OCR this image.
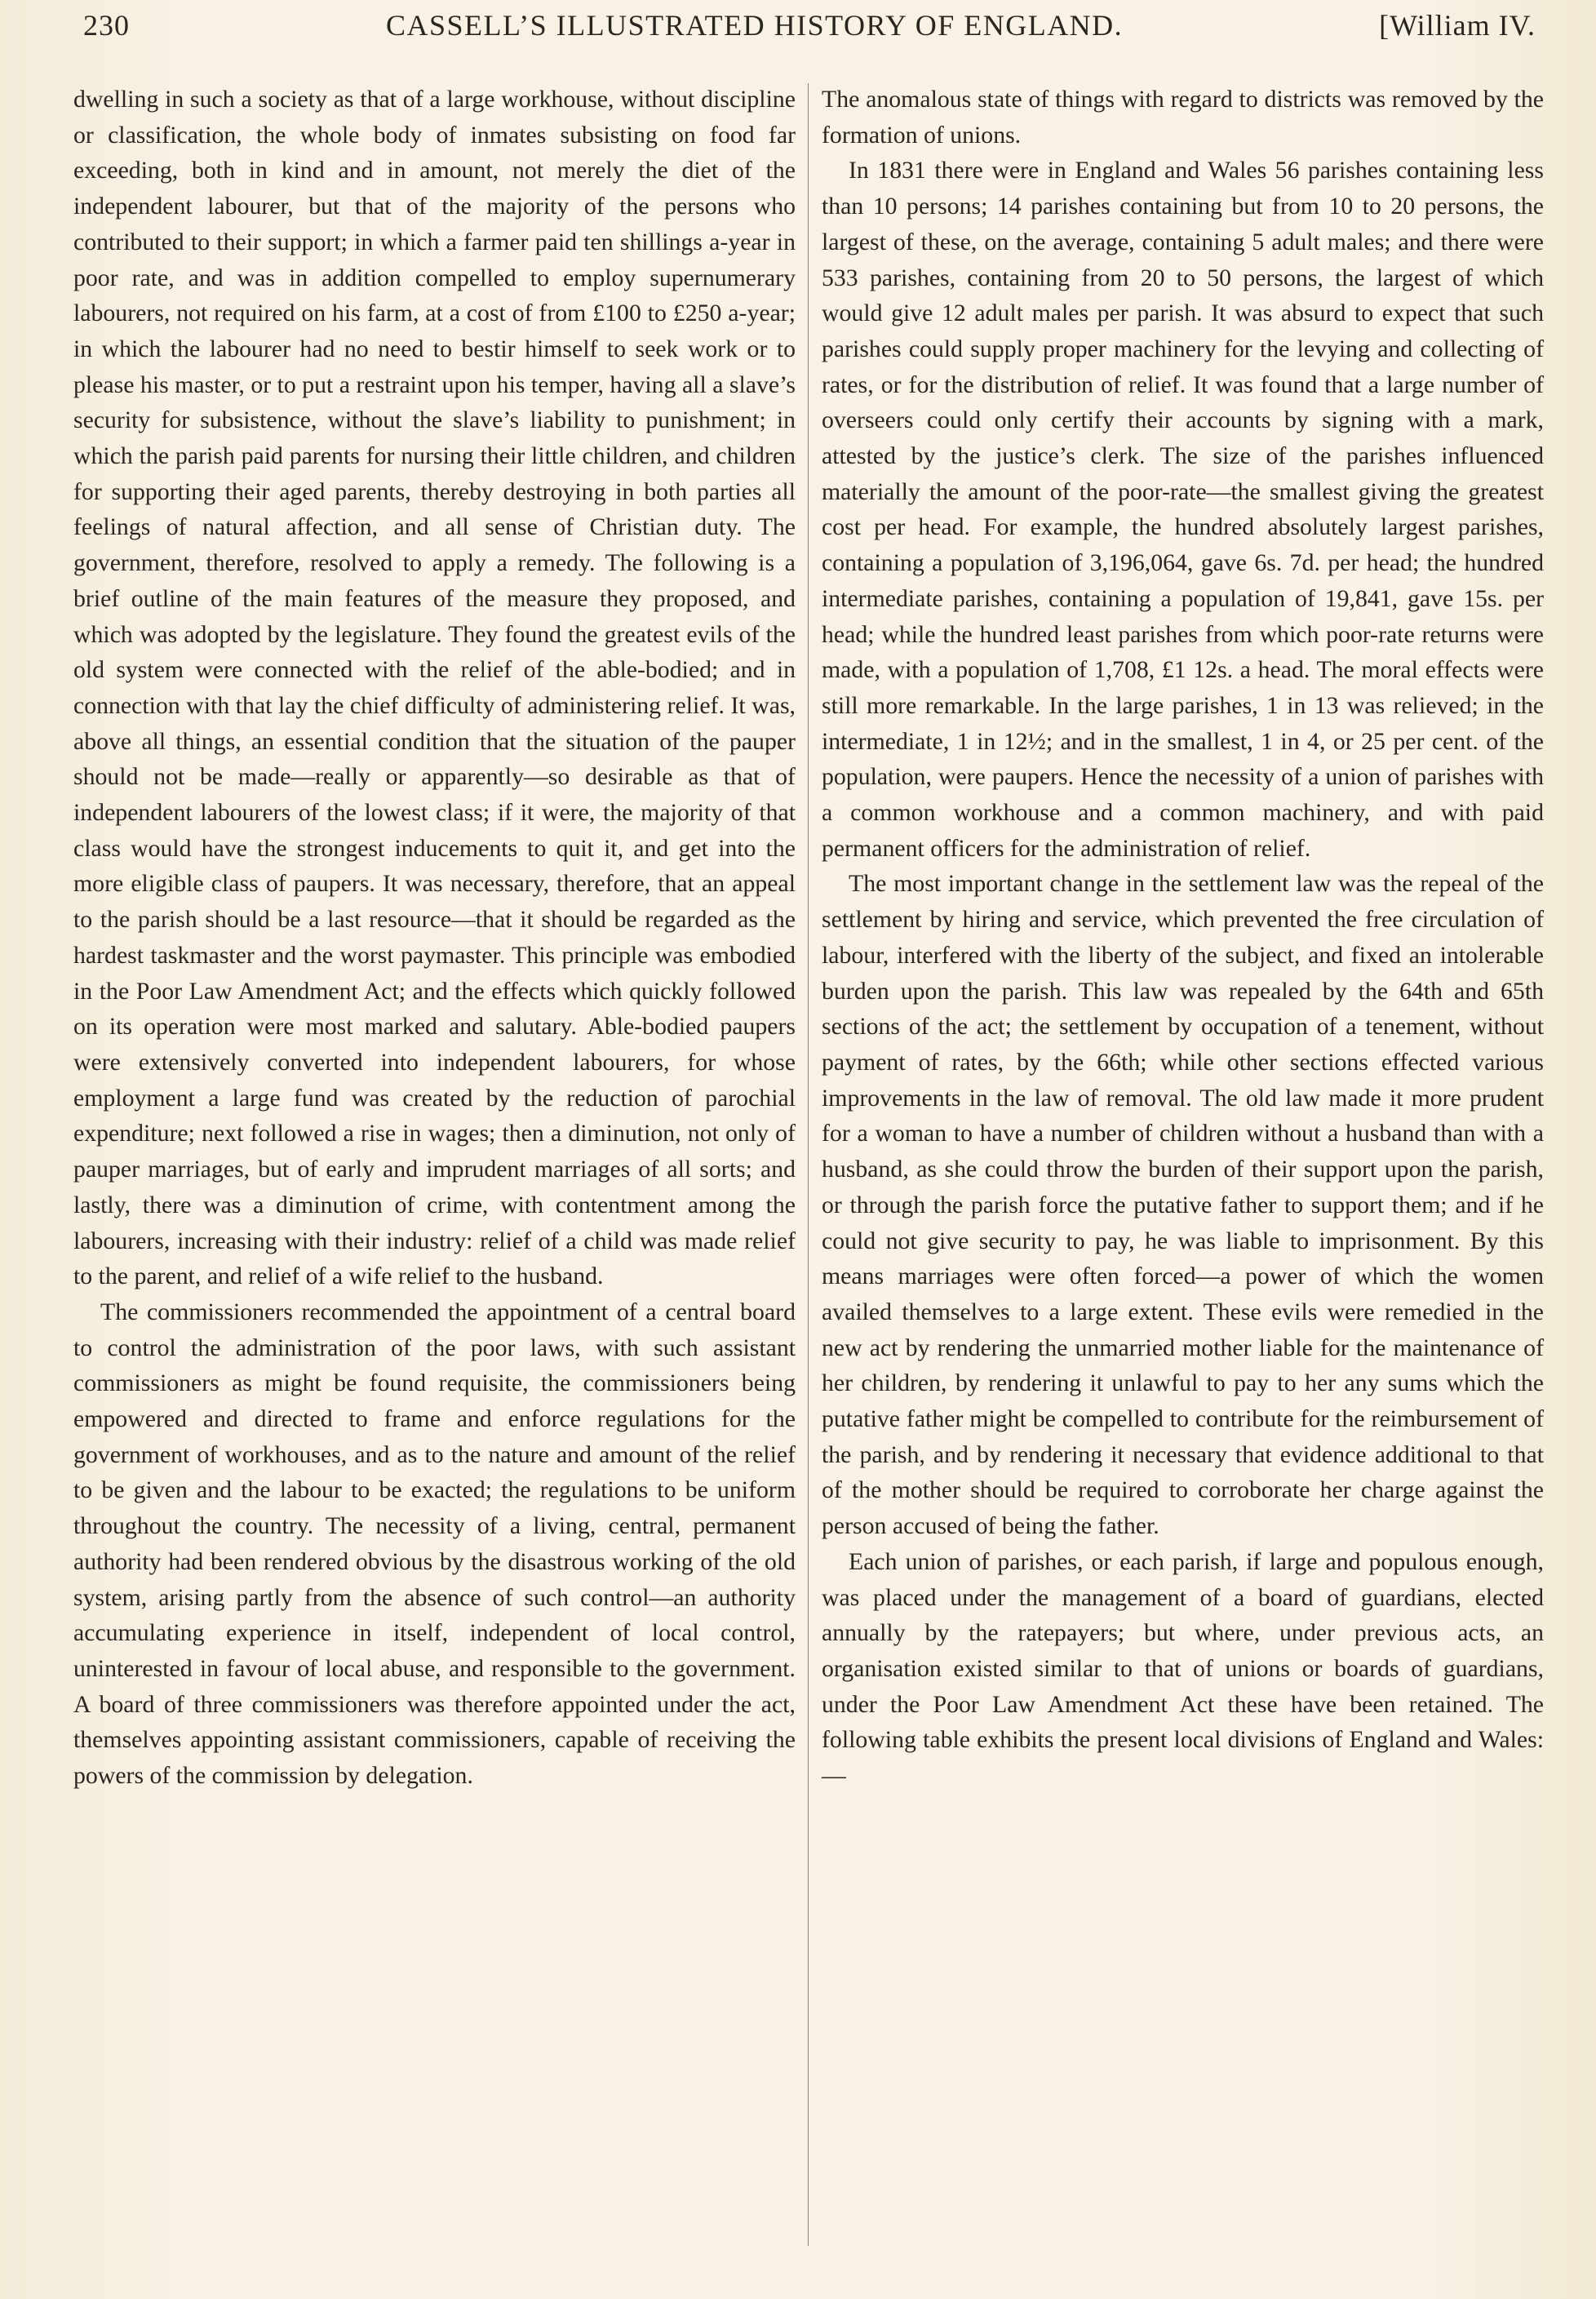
230	CASSELL’S ILLUSTRATED HISTORY OF ENGLAND.	[William IV.

dwelling in such a society as that of a large workhouse, without discipline or classification, the whole body of inmates subsisting on food far exceeding, both in kind and in amount, not merely the diet of the independent labourer, but that of the majority of the persons who contributed to their support; in which a farmer paid ten shillings a-year in poor rate, and was in addition compelled to employ supernumerary labourers, not required on his farm, at a cost of from £100 to £250 a-year; in which the labourer had no need to bestir himself to seek work or to please his master, or to put a restraint upon his temper, having all a slave’s security for subsistence, without the slave’s liability to punishment; in which the parish paid parents for nursing their little children, and children for supporting their aged parents, thereby destroying in both parties all feelings of natural affection, and all sense of Christian duty. The government, therefore, resolved to apply a remedy. The following is a brief outline of the main features of the measure they proposed, and which was adopted by the legislature. They found the greatest evils of the old system were connected with the relief of the able-bodied; and in connection with that lay the chief difficulty of administering relief. It was, above all things, an essential condition that the situation of the pauper should not be made—really or apparently—so desirable as that of independent labourers of the lowest class; if it were, the majority of that class would have the strongest inducements to quit it, and get into the more eligible class of paupers. It was necessary, therefore, that an appeal to the parish should be a last resource—that it should be regarded as the hardest taskmaster and the worst paymaster. This principle was embodied in the Poor Law Amendment Act; and the effects which quickly followed on its operation were most marked and salutary. Able-bodied paupers were extensively converted into independent labourers, for whose employment a large fund was created by the reduction of parochial expenditure; next followed a rise in wages; then a diminution, not only of pauper marriages, but of early and imprudent marriages of all sorts; and lastly, there was a diminution of crime, with contentment among the labourers, increasing with their industry: relief of a child was made relief to the parent, and relief of a wife relief to the husband.

The commissioners recommended the appointment of a central board to control the administration of the poor laws, with such assistant commissioners as might be found requisite, the commissioners being empowered and directed to frame and enforce regulations for the government of workhouses, and as to the nature and amount of the relief to be given and the labour to be exacted; the regulations to be uniform throughout the country. The necessity of a living, central, permanent authority had been rendered obvious by the disastrous working of the old system, arising partly from the absence of such control—an authority accumulating experience in itself, independent of local control, uninterested in favour of local abuse, and responsible to the government. A board of three commissioners was therefore appointed under the act, themselves appointing assistant commissioners, capable of receiving the powers of the commission by delegation.

The anomalous state of things with regard to districts was removed by the formation of unions.

In 1831 there were in England and Wales 56 parishes containing less than 10 persons; 14 parishes containing but from 10 to 20 persons, the largest of these, on the average, containing 5 adult males; and there were 533 parishes, containing from 20 to 50 persons, the largest of which would give 12 adult males per parish. It was absurd to expect that such parishes could supply proper machinery for the levying and collecting of rates, or for the distribution of relief. It was found that a large number of overseers could only certify their accounts by signing with a mark, attested by the justice’s clerk. The size of the parishes influenced materially the amount of the poor-rate—the smallest giving the greatest cost per head. For example, the hundred absolutely largest parishes, containing a population of 3,196,064, gave 6s. 7d. per head; the hundred intermediate parishes, containing a population of 19,841, gave 15s. per head; while the hundred least parishes from which poor-rate returns were made, with a population of 1,708, £1 12s. a head. The moral effects were still more remarkable. In the large parishes, 1 in 13 was relieved; in the intermediate, 1 in 12½; and in the smallest, 1 in 4, or 25 per cent. of the population, were paupers. Hence the necessity of a union of parishes with a common workhouse and a common machinery, and with paid permanent officers for the administration of relief.

The most important change in the settlement law was the repeal of the settlement by hiring and service, which prevented the free circulation of labour, interfered with the liberty of the subject, and fixed an intolerable burden upon the parish. This law was repealed by the 64th and 65th sections of the act; the settlement by occupation of a tenement, without payment of rates, by the 66th; while other sections effected various improvements in the law of removal. The old law made it more prudent for a woman to have a number of children without a husband than with a husband, as she could throw the burden of their support upon the parish, or through the parish force the putative father to support them; and if he could not give security to pay, he was liable to imprisonment. By this means marriages were often forced—a power of which the women availed themselves to a large extent. These evils were remedied in the new act by rendering the unmarried mother liable for the maintenance of her children, by rendering it unlawful to pay to her any sums which the putative father might be compelled to contribute for the reimbursement of the parish, and by rendering it necessary that evidence additional to that of the mother should be required to corroborate her charge against the person accused of being the father.

Each union of parishes, or each parish, if large and populous enough, was placed under the management of a board of guardians, elected annually by the ratepayers; but where, under previous acts, an organisation existed similar to that of unions or boards of guardians, under the Poor Law Amendment Act these have been retained. The following table exhibits the present local divisions of England and Wales:—
